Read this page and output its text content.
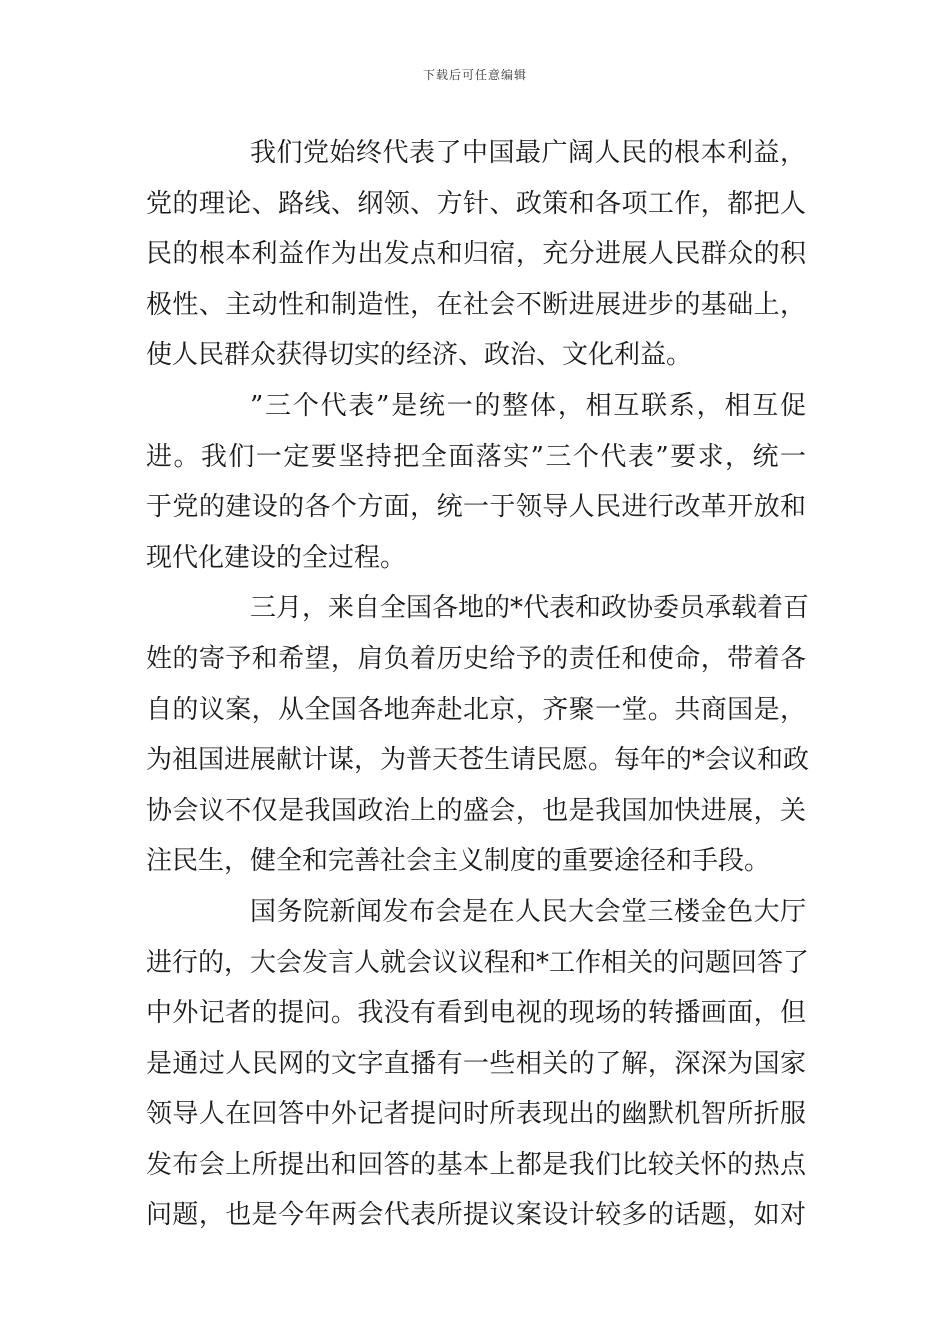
下载后可任意编辑
我们党始终代表了中国最广阔人民的根本利益，
党的理论、路线、纲领、方针、政策和各项工作，都把人
民的根本利益作为出发点和归宿，充分进展人民群众的积
极性、主动性和制造性，在社会不断进展进步的基础上，
使人民群众获得切实的经济、政治、文化利益。
”三个代表”是统一的整体，相互联系，相互促
进。我们一定要坚持把全面落实”三个代表”要求，统一
于党的建设的各个方面，统一于领导人民进行改革开放和
现代化建设的全过程。
三月，来自全国各地的*代表和政协委员承载着百
姓的寄予和希望，肩负着历史给予的责任和使命，带着各
自的议案，从全国各地奔赴北京，齐聚一堂。共商国是，
为祖国进展献计谋，为普天苍生请民愿。每年的*会议和政
协会议不仅是我国政治上的盛会，也是我国加快进展，关
注民生，健全和完善社会主义制度的重要途径和手段。
国务院新闻发布会是在人民大会堂三楼金色大厅
进行的，大会发言人就会议议程和*工作相关的问题回答了
中外记者的提问。我没有看到电视的现场的转播画面，但
是通过人民网的文字直播有一些相关的了解，深深为国家
领导人在回答中外记者提问时所表现出的幽默机智所折服
发布会上所提出和回答的基本上都是我们比较关怀的热点
问题，也是今年两会代表所提议案设计较多的话题，如对
